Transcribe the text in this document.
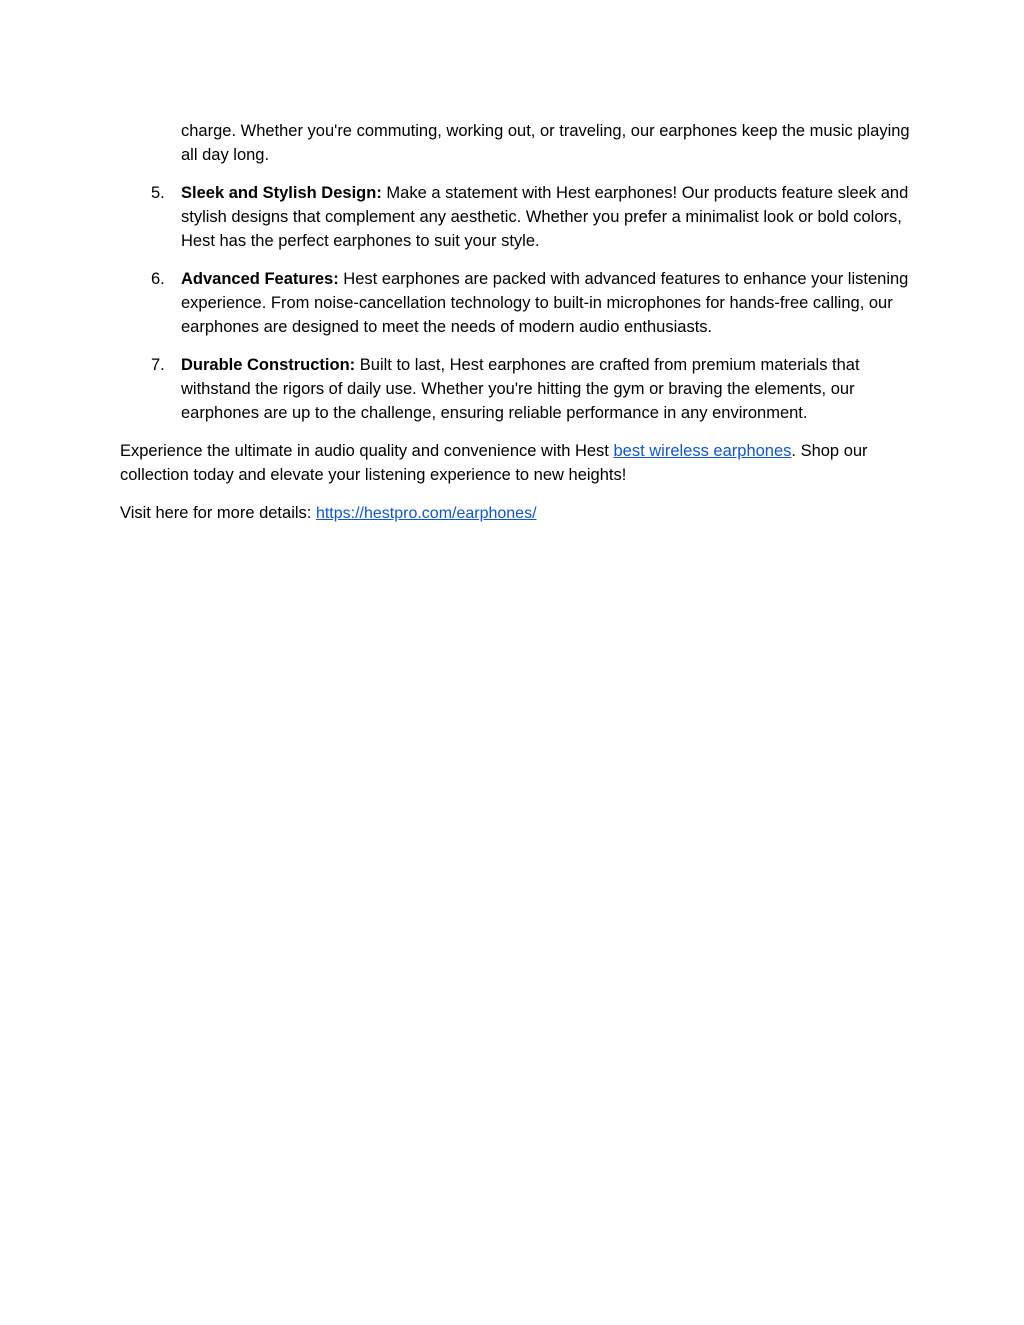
charge. Whether you're commuting, working out, or traveling, our earphones keep the music playing all day long.

5. Sleek and Stylish Design: Make a statement with Hest earphones! Our products feature sleek and stylish designs that complement any aesthetic. Whether you prefer a minimalist look or bold colors, Hest has the perfect earphones to suit your style.
6. Advanced Features: Hest earphones are packed with advanced features to enhance your listening experience. From noise-cancellation technology to built-in microphones for hands-free calling, our earphones are designed to meet the needs of modern audio enthusiasts.
7. Durable Construction: Built to last, Hest earphones are crafted from premium materials that withstand the rigors of daily use. Whether you're hitting the gym or braving the elements, our earphones are up to the challenge, ensuring reliable performance in any environment.

Experience the ultimate in audio quality and convenience with Hest best wireless earphones. Shop our collection today and elevate your listening experience to new heights!

Visit here for more details: https://hestpro.com/earphones/
